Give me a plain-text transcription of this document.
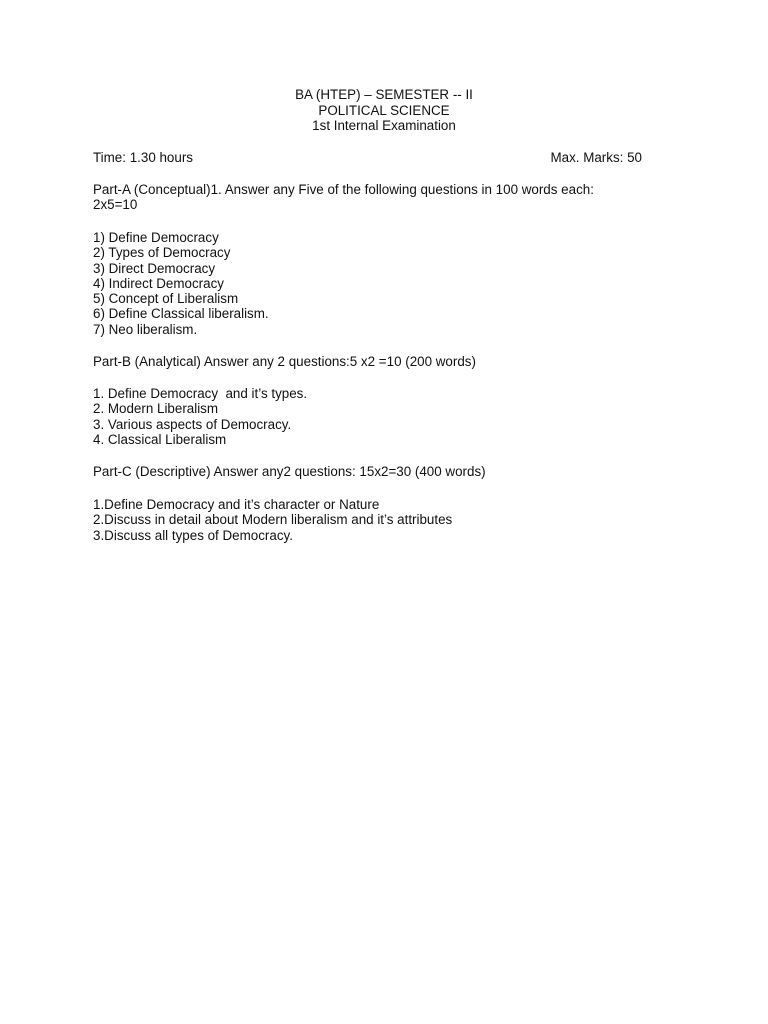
BA (HTEP) – SEMESTER -- II
POLITICAL SCIENCE
1st Internal Examination
Time: 1.30 hours	Max. Marks: 50
Part-A (Conceptual)1. Answer any Five of the following questions in 100 words each:
2x5=10
1) Define Democracy
2) Types of Democracy
3) Direct Democracy
4) Indirect Democracy
5) Concept of Liberalism
6) Define Classical liberalism.
7) Neo liberalism.
Part-B (Analytical) Answer any 2 questions:5 x2 =10 (200 words)
1. Define Democracy  and it’s types.
2. Modern Liberalism
3. Various aspects of Democracy.
4. Classical Liberalism
Part-C (Descriptive) Answer any2 questions: 15x2=30 (400 words)
1.Define Democracy and it’s character or Nature
2.Discuss in detail about Modern liberalism and it’s attributes
3.Discuss all types of Democracy.
